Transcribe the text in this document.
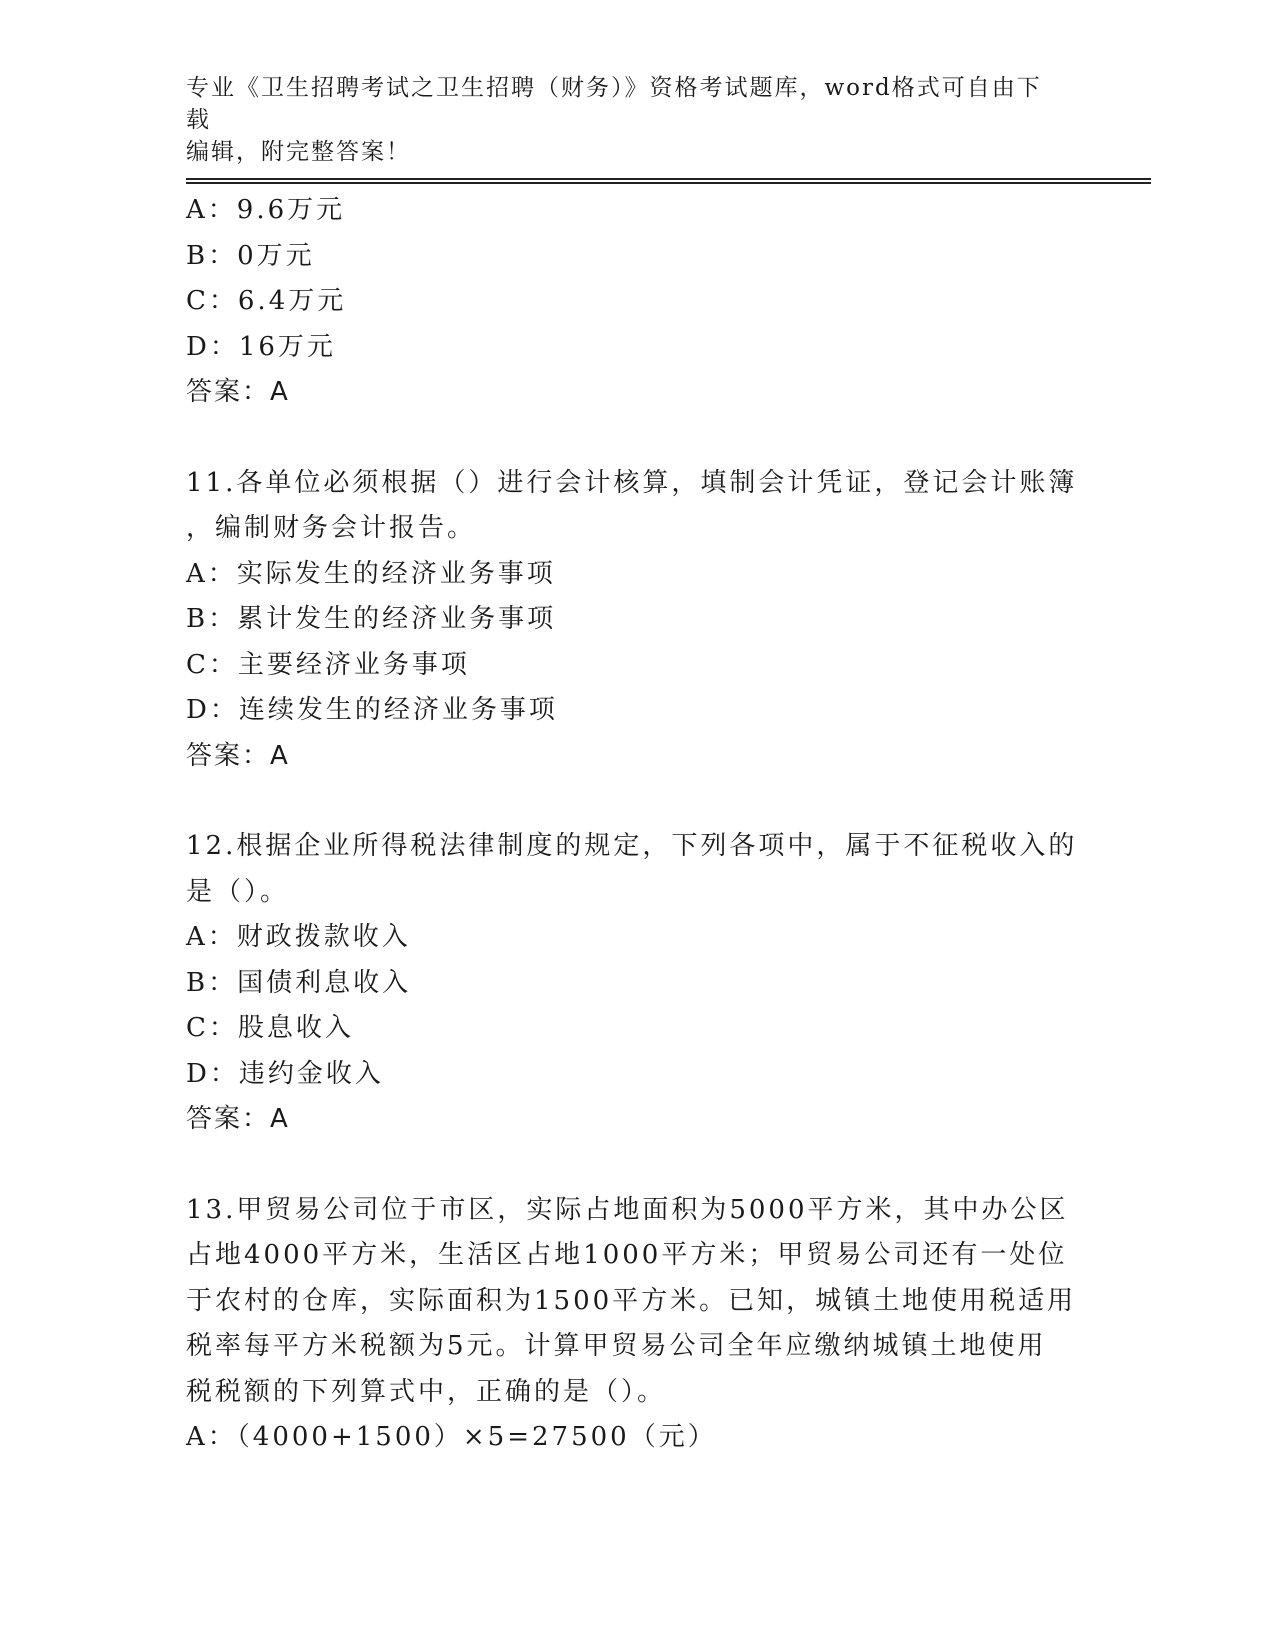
专业《卫生招聘考试之卫生招聘（财务）》资格考试题库，word格式可自由下载
编辑，附完整答案！
A：9.6万元
B：0万元
C：6.4万元
D：16万元
答案：A
11.各单位必须根据（）进行会计核算，填制会计凭证，登记会计账簿
，编制财务会计报告。
A：实际发生的经济业务事项
B：累计发生的经济业务事项
C：主要经济业务事项
D：连续发生的经济业务事项
答案：A
12.根据企业所得税法律制度的规定，下列各项中，属于不征税收入的
是（）。
A：财政拨款收入
B：国债利息收入
C：股息收入
D：违约金收入
答案：A
13.甲贸易公司位于市区，实际占地面积为5000平方米，其中办公区
占地4000平方米，生活区占地1000平方米；甲贸易公司还有一处位
于农村的仓库，实际面积为1500平方米。已知，城镇土地使用税适用
税率每平方米税额为5元。计算甲贸易公司全年应缴纳城镇土地使用
税税额的下列算式中，正确的是（）。
A：（4000+1500）×5=27500（元）
